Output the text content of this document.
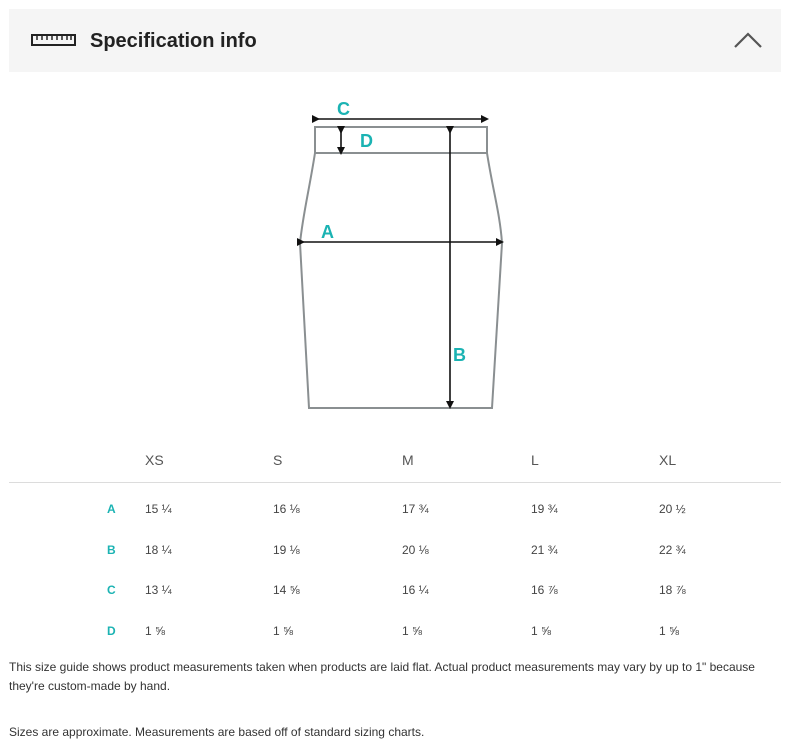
Specification info
C
D
A
B
XS	S	M	L	XL
A 15 ¼	16 ⅛	17 ¾	19 ¾	20 ½
B 18 ¼	19 ⅛	20 ⅛	21 ¾	22 ¾
C 13 ¼	14 ⅝	16 ¼	16 ⅞	18 ⅞
D 1 ⅝	1 ⅝	1 ⅝	1 ⅝	1 ⅝
This size guide shows product measurements taken when products are laid flat. Actual product measurements may vary by up to 1" because they're custom-made by hand.
Sizes are approximate. Measurements are based off of standard sizing charts.
